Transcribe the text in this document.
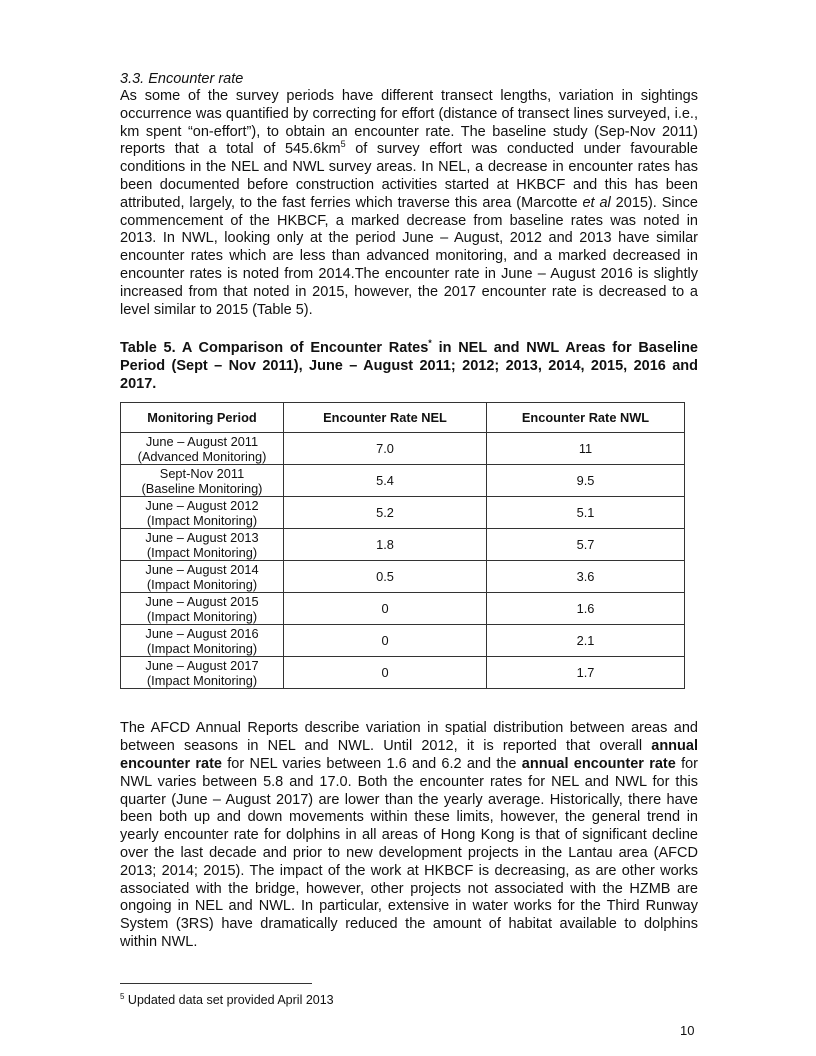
3.3. Encounter rate

As some of the survey periods have different transect lengths, variation in sightings occurrence was quantified by correcting for effort (distance of transect lines surveyed, i.e., km spent “on-effort”), to obtain an encounter rate. The baseline study (Sep-Nov 2011) reports that a total of $545.6km^5$ of survey effort was conducted under favourable conditions in the NEL and NWL survey areas. In NEL, a decrease in encounter rates has been documented before construction activities started at HKBCF and this has been attributed, largely, to the fast ferries which traverse this area (Marcotte et al 2015). Since commencement of the HKBCF, a marked decrease from baseline rates was noted in 2013. In NWL, looking only at the period June – August, 2012 and 2013 have similar encounter rates which are less than advanced monitoring, and a marked decreased in encounter rates is noted from 2014.The encounter rate in June – August 2016 is slightly increased from that noted in 2015, however, the 2017 encounter rate is decreased to a level similar to 2015 (Table 5).

Table 5. A Comparison of Encounter Rates* in NEL and NWL Areas for Baseline Period (Sept – Nov 2011), June – August 2011; 2012; 2013, 2014, 2015, 2016 and 2017.

Monitoring Period	Encounter Rate NEL	Encounter Rate NWL
June – August 2011
(Advanced Monitoring)	7.0	11
Sept-Nov 2011
(Baseline Monitoring)	5.4	9.5
June – August 2012
(Impact Monitoring)	5.2	5.1
June – August 2013
(Impact Monitoring)	1.8	5.7
June – August 2014
(Impact Monitoring)	0.5	3.6
June – August 2015
(Impact Monitoring)	0	1.6
June – August 2016
(Impact Monitoring)	0	2.1
June – August 2017
(Impact Monitoring)	0	1.7

The AFCD Annual Reports describe variation in spatial distribution between areas and between seasons in NEL and NWL. Until 2012, it is reported that overall annual encounter rate for NEL varies between 1.6 and 6.2 and the annual encounter rate for NWL varies between 5.8 and 17.0. Both the encounter rates for NEL and NWL for this quarter (June – August 2017) are lower than the yearly average. Historically, there have been both up and down movements within these limits, however, the general trend in yearly encounter rate for dolphins in all areas of Hong Kong is that of significant decline over the last decade and prior to new development projects in the Lantau area (AFCD 2013; 2014; 2015). The impact of the work at HKBCF is decreasing, as are other works associated with the bridge, however, other projects not associated with the HZMB are ongoing in NEL and NWL. In particular, extensive in water works for the Third Runway System (3RS) have dramatically reduced the amount of habitat available to dolphins within NWL.

$^5$ Updated data set provided April 2013
10
